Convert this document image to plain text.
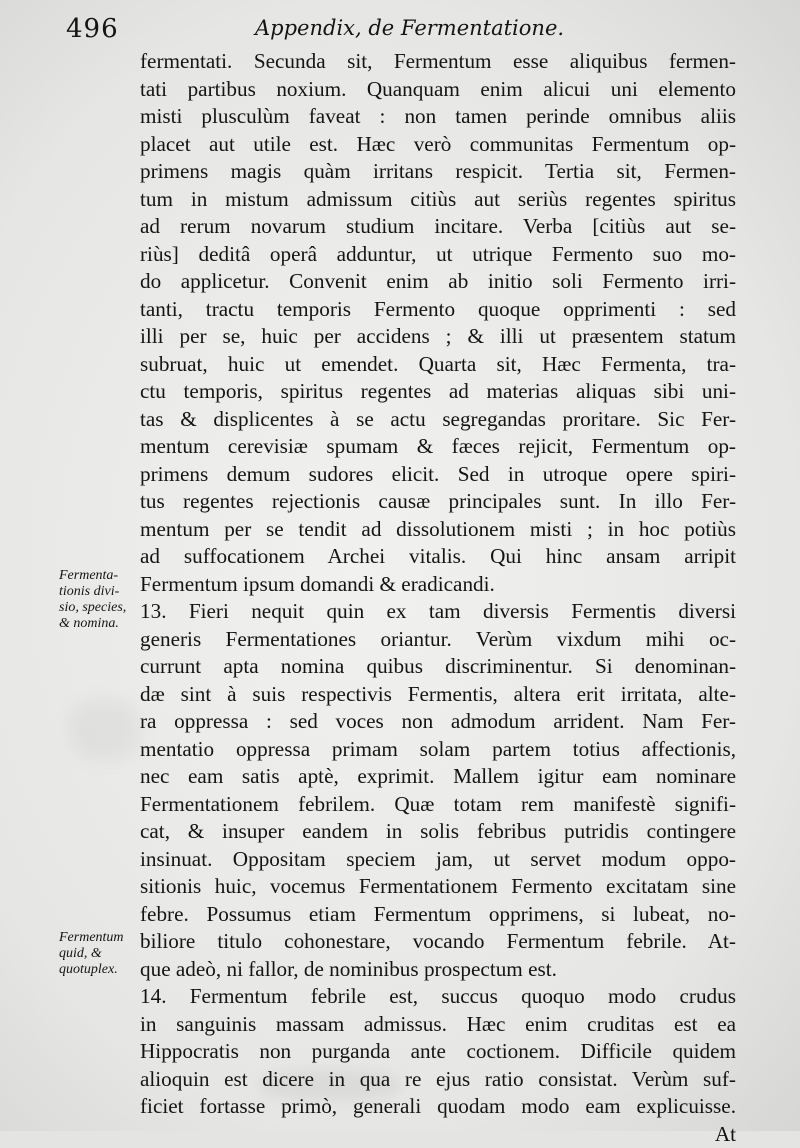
496	Appendix, de Fermentatione.
fermentati. Secunda sit, Fermentum esse aliquibus fermen-
tati partibus noxium. Quanquam enim alicui uni elemento
misti plusculùm faveat : non tamen perinde omnibus aliis
placet aut utile est. Hæc verò communitas Fermentum op-
primens magis quàm irritans respicit. Tertia sit, Fermen-
tum in mistum admissum citiùs aut seriùs regentes spiritus
ad rerum novarum studium incitare. Verba [citiùs aut se-
riùs] deditâ operâ adduntur, ut utrique Fermento suo mo-
do applicetur. Convenit enim ab initio soli Fermento irri-
tanti, tractu temporis Fermento quoque opprimenti : sed
illi per se, huic per accidens ; & illi ut præsentem statum
subruat, huic ut emendet. Quarta sit, Hæc Fermenta, tra-
ctu temporis, spiritus regentes ad materias aliquas sibi uni-
tas & displicentes à se actu segregandas proritare. Sic Fer-
mentum cerevisiæ spumam & fæces rejicit, Fermentum op-
primens demum sudores elicit. Sed in utroque opere spiri-
tus regentes rejectionis causæ principales sunt. In illo Fer-
mentum per se tendit ad dissolutionem misti ; in hoc potiùs
ad suffocationem Archei vitalis. Qui hinc ansam arripit
Fermentum ipsum domandi & eradicandi.
13. Fieri nequit quin ex tam diversis Fermentis diversi
generis Fermentationes oriantur. Verùm vixdum mihi oc-
currunt apta nomina quibus discriminentur. Si denominan-
dæ sint à suis respectivis Fermentis, altera erit irritata, alte-
ra oppressa : sed voces non admodum arrident. Nam Fer-
mentatio oppressa primam solam partem totius affectionis,
nec eam satis aptè, exprimit. Mallem igitur eam nominare
Fermentationem febrilem. Quæ totam rem manifestè signifi-
cat, & insuper eandem in solis febribus putridis contingere
insinuat. Oppositam speciem jam, ut servet modum oppo-
sitionis huic, vocemus Fermentationem Fermento excitatam sine
febre. Possumus etiam Fermentum opprimens, si lubeat, no-
biliore titulo cohonestare, vocando Fermentum febrile. At-
que adeò, ni fallor, de nominibus prospectum est.
14. Fermentum febrile est, succus quoquo modo crudus
in sanguinis massam admissus. Hæc enim cruditas est ea
Hippocratis non purganda ante coctionem. Difficile quidem
alioquin est dicere in qua re ejus ratio consistat. Verùm suf-
ficiet fortasse primò, generali quodam modo eam explicuisse.
At
Fermenta-
tionis divi-
sio, species,
& nomina.
Fermentum
quid, &
quotuplex.
